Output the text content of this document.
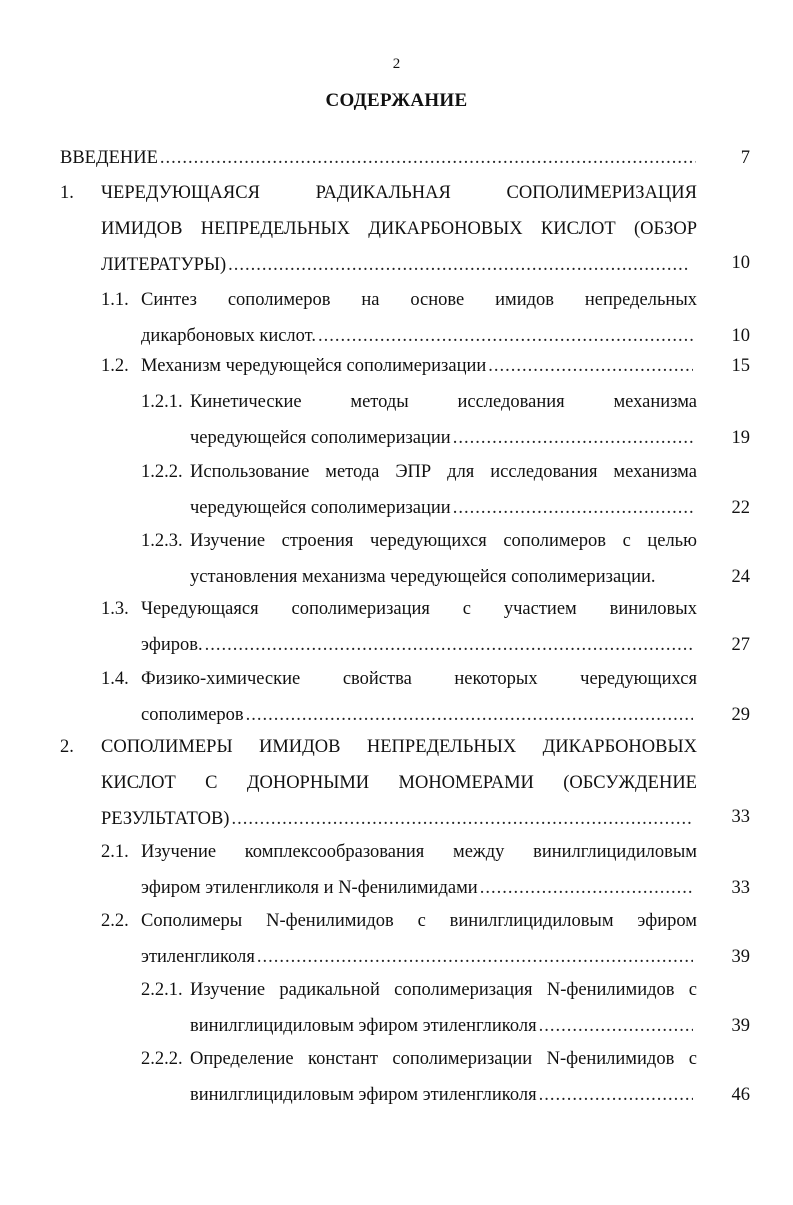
2
СОДЕРЖАНИЕ
ВВЕДЕНИЕ .....	7
1. ЧЕРЕДУЮЩАЯСЯ	РАДИКАЛЬНАЯ	СОПОЛИМЕРИЗАЦИЯ
ИМИДОВ НЕПРЕДЕЛЬНЫХ ДИКАРБОНОВЫХ КИСЛОТ (ОБЗОР
ЛИТЕРАТУРЫ) .....	10
1.1. Синтез сополимеров на основе имидов непредельных
дикарбоновых кислот. .....	10
1.2. Механизм чередующейся сополимеризации .....	15
1.2.1. Кинетические	методы	исследования	механизма
чередующейся сополимеризации .....	19
1.2.2. Использование метода ЭПР для исследования механизма
чередующейся сополимеризации .....	22
1.2.3. Изучение строения чередующихся сополимеров с целью
установления механизма чередующейся сополимеризации.	24
1.3. Чередующаяся сополимеризация с участием виниловых
эфиров. .....	27
1.4. Физико-химические свойства некоторых чередующихся
сополимеров .....	29
2. СОПОЛИМЕРЫ ИМИДОВ НЕПРЕДЕЛЬНЫХ ДИКАРБОНОВЫХ
КИСЛОТ С ДОНОРНЫМИ МОНОМЕРАМИ (ОБСУЖДЕНИЕ
РЕЗУЛЬТАТОВ) .....	33
2.1. Изучение комплексообразования между винилглицидиловым
эфиром этиленгликоля и N-фенилимидами .....	33
2.2. Сополимеры N-фенилимидов с винилглицидиловым эфиром
этиленгликоля .....	39
2.2.1. Изучение радикальной сополимеризация N-фенилимидов с
винилглицидиловым эфиром этиленгликоля .....	39
2.2.2. Определение констант сополимеризации N-фенилимидов с
винилглицидиловым эфиром этиленгликоля .....	46
